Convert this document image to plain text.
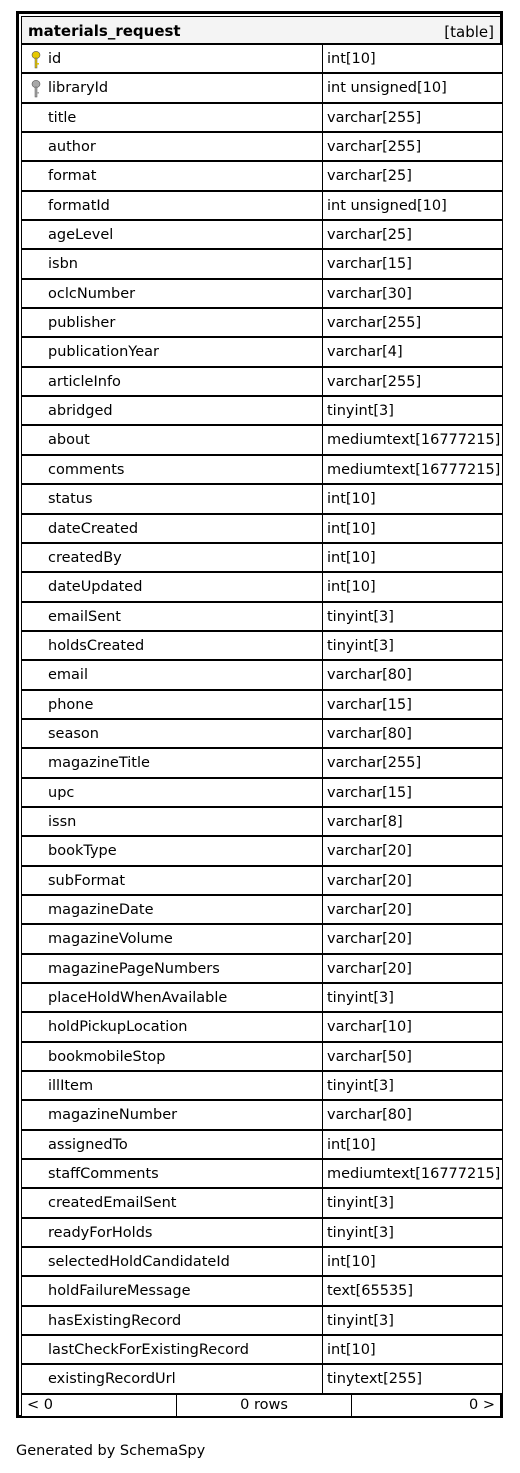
materials_request	[table]
id	int[10]
libraryId	int unsigned[10]
title	varchar[255]
author	varchar[255]
format	varchar[25]
formatId	int unsigned[10]
ageLevel	varchar[25]
isbn	varchar[15]
oclcNumber	varchar[30]
publisher	varchar[255]
publicationYear	varchar[4]
articleInfo	varchar[255]
abridged	tinyint[3]
about	mediumtext[16777215]
comments	mediumtext[16777215]
status	int[10]
dateCreated	int[10]
createdBy	int[10]
dateUpdated	int[10]
emailSent	tinyint[3]
holdsCreated	tinyint[3]
email	varchar[80]
phone	varchar[15]
season	varchar[80]
magazineTitle	varchar[255]
upc	varchar[15]
issn	varchar[8]
bookType	varchar[20]
subFormat	varchar[20]
magazineDate	varchar[20]
magazineVolume	varchar[20]
magazinePageNumbers	varchar[20]
placeHoldWhenAvailable	tinyint[3]
holdPickupLocation	varchar[10]
bookmobileStop	varchar[50]
illItem	tinyint[3]
magazineNumber	varchar[80]
assignedTo	int[10]
staffComments	mediumtext[16777215]
createdEmailSent	tinyint[3]
readyForHolds	tinyint[3]
selectedHoldCandidateId	int[10]
holdFailureMessage	text[65535]
hasExistingRecord	tinyint[3]
lastCheckForExistingRecord	int[10]
existingRecordUrl	tinytext[255]
< 0	0 rows	0 >
Generated by SchemaSpy
